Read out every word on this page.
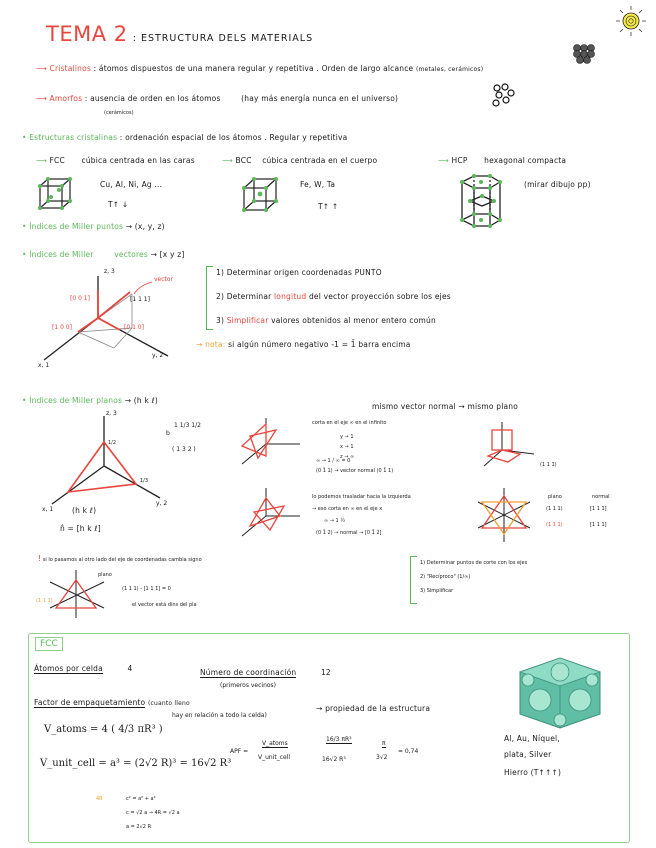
TEMA 2 : ESTRUCTURA DELS MATERIALS
⟶ Cristalinos : átomos dispuestos de una manera regular y repetitiva . Orden de largo alcance (metales, cerámicos)
⟶ Amorfos : ausencia de orden en los átomos	(hay más energía nunca en el universo)
(cerámicos)
• Estructuras cristalinas : ordenación espacial de los átomos . Regular y repetitiva
⟶ FCC cúbica centrada en las caras	⟶ BCC cúbica centrada en el cuerpo	⟶ HCP hexagonal compacta
Cu, Al, Ni, Ag ...
T↑ ↓
Fe, W, Ta
T↑ ↑
(mirar dibujo pp)
• Índices de Miller puntos → (x, y, z)
• Índices de Miller	vectores → [x y z]
z, 3
vector
[0 0 1]	[1 1 1]
[1 0 0]	[0 1 0]
x, 1
y, 2
1) Determinar origen coordenadas PUNTO
2) Determinar longitud del vector proyección sobre los ejes
3) Simplificar valores obtenidos al menor entero común
→ nota: si algún número negativo -1 = 1̄ barra encima
• Índices de Miller planos → (h k ℓ)
mismo vector normal → mismo plano
z, 3
1/2
1/3
x, 1
y, 2
(h k ℓ)
n̂ = [h k ℓ]
b
1 1/3 1/2
( 1 3 2 )
corta en el eje ∞ en el infinito
y → 1
x → 1
z → ∞
∞ → 1 / ∞ = 0
(0 1̄ 1) → vector normal (0 1̄ 1)
lo podemos trasladar hacia la izquierda
→ eso corta en ∞ en el eje x
∞ → 1 ½
(0 1̄ 2) → normal → [0 1̄ 2]
(1 1 1̄)
plano
(1 1 1)
(1 1 1)
normal
[1 1 1̄]
[1 1 1]
! si lo pasamos al otro lado del eje de coordenadas cambia signo
plano
(1 1 1)
(1 1 1) - [1 1 1̄] = 0
el vector está dins del pla
1) Determinar puntos de corte con los ejes
2) "Recíproco" (1/∞)
3) Simplificar
FCC
Átomos por celda	4	Número de coordinación	12
(primeros vecinos)
Factor de empaquetamiento (cuanto lleno
hay en relación a todo la celda)
→ propiedad de la estructura
V_atoms = 4 ( 4/3 πR³ )
V_unit_cell = a³ = (2√2 R)³ = 16√2 R³
APF =
V_atoms
V_unit_cell
16/3 πR³
16√2 R³
π
3√2
= 0,74
4R	c² = a² + a²
c = √2 a → 4R = √2 a
a = 2√2 R
Al, Au, Níquel,
plata, Silver
Hierro (T↑↑↑)
